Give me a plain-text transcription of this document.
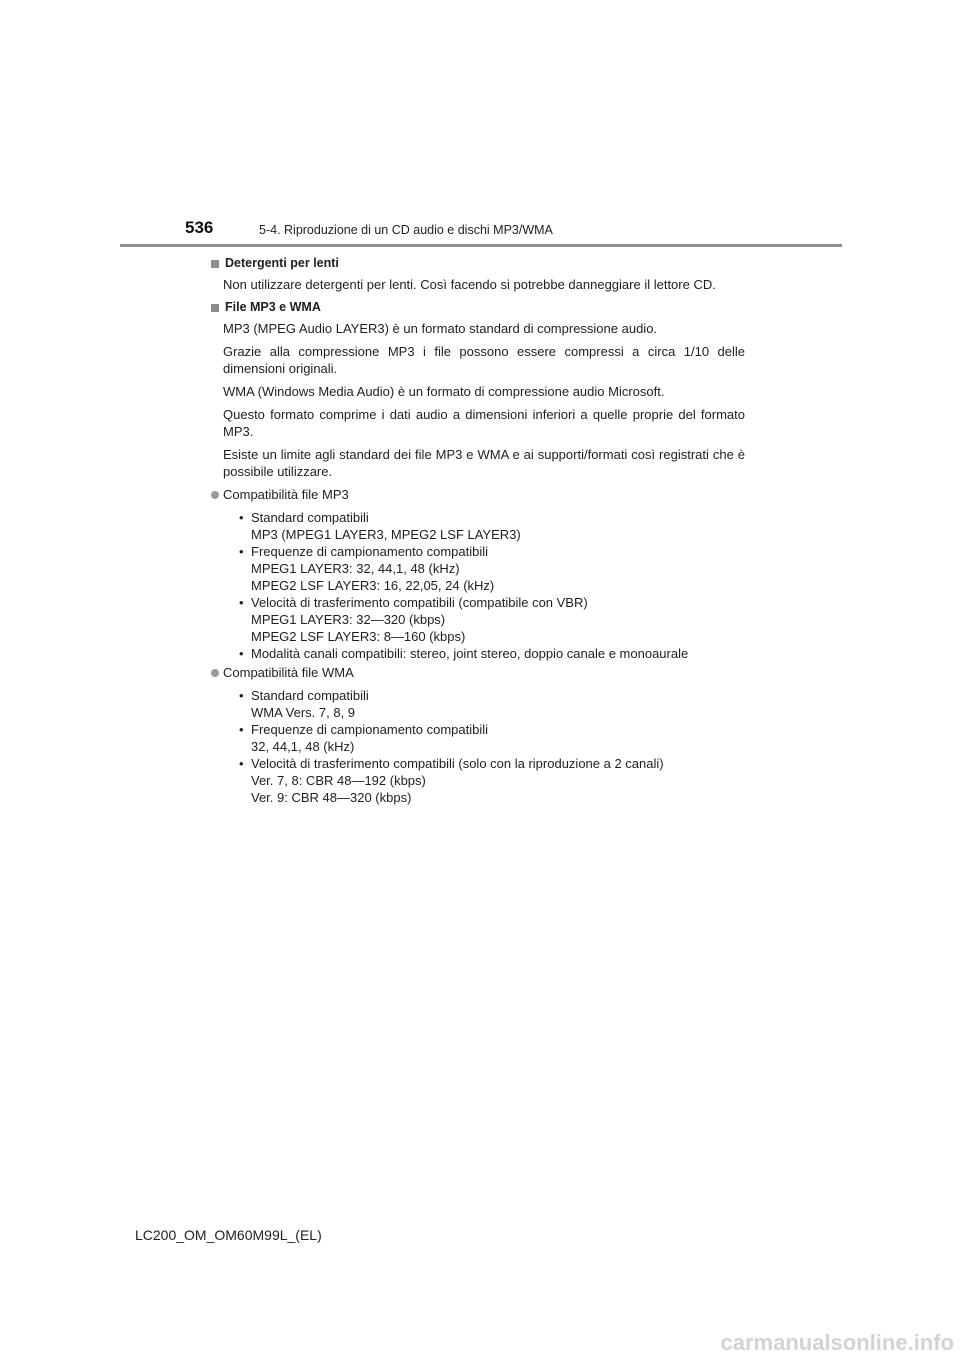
536	5-4. Riproduzione di un CD audio e dischi MP3/WMA
Detergenti per lenti

Non utilizzare detergenti per lenti. Così facendo si potrebbe danneggiare il lettore CD.

File MP3 e WMA

MP3 (MPEG Audio LAYER3) è un formato standard di compressione audio.

Grazie alla compressione MP3 i file possono essere compressi a circa 1/10 delle dimensioni originali.

WMA (Windows Media Audio) è un formato di compressione audio Microsoft.

Questo formato comprime i dati audio a dimensioni inferiori a quelle proprie del formato MP3.

Esiste un limite agli standard dei file MP3 e WMA e ai supporti/formati così registrati che è possibile utilizzare.

Compatibilità file MP3
• Standard compatibili
MP3 (MPEG1 LAYER3, MPEG2 LSF LAYER3)
• Frequenze di campionamento compatibili
MPEG1 LAYER3: 32, 44,1, 48 (kHz)
MPEG2 LSF LAYER3: 16, 22,05, 24 (kHz)
• Velocità di trasferimento compatibili (compatibile con VBR)
MPEG1 LAYER3: 32—320 (kbps)
MPEG2 LSF LAYER3: 8—160 (kbps)
• Modalità canali compatibili: stereo, joint stereo, doppio canale e monoaurale
Compatibilità file WMA
• Standard compatibili
WMA Vers. 7, 8, 9
• Frequenze di campionamento compatibili
32, 44,1, 48 (kHz)
• Velocità di trasferimento compatibili (solo con la riproduzione a 2 canali)
Ver. 7, 8: CBR 48—192 (kbps)
Ver. 9: CBR 48—320 (kbps)
LC200_OM_OM60M99L_(EL)
carmanualsonline.info
